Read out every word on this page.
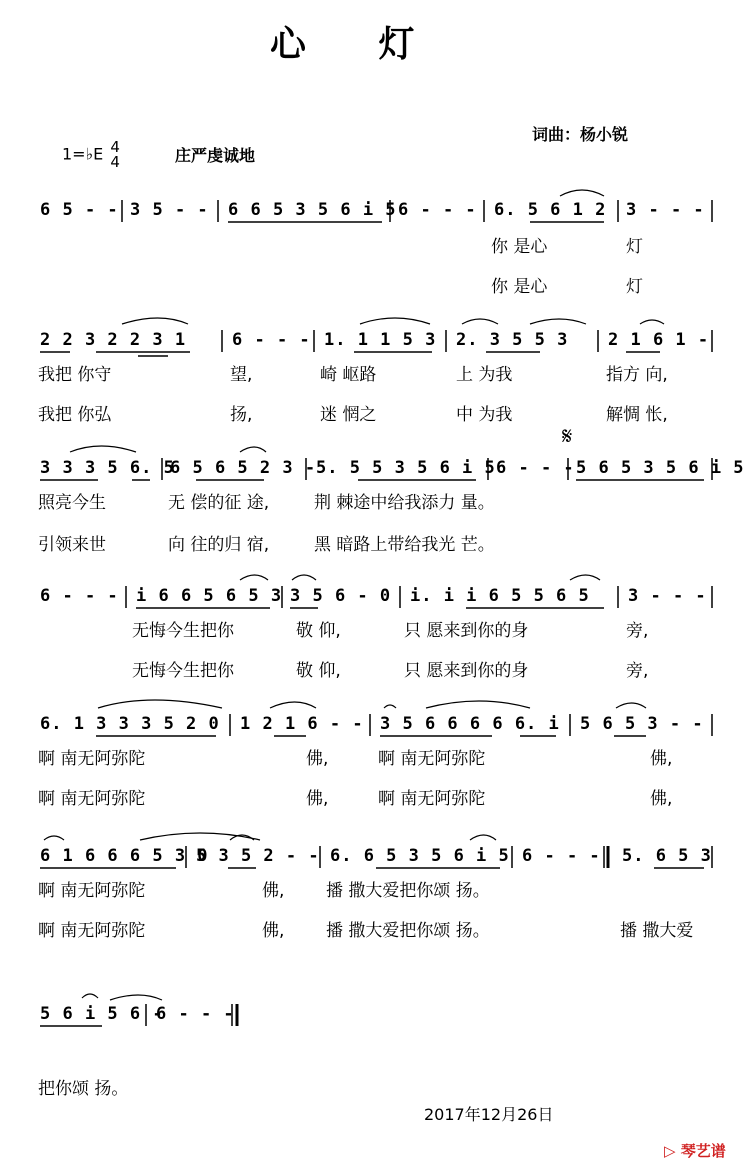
心 灯
词曲：杨小锐
1=♭E 4
4	庄严虔诚地
𝄋
6 5 - - 3 5 - - 6 6 5 3 5 6 i 5 6 - - - 6. 5 6 1 2 3 - - -
你 是心	灯
你 是心	灯
2 2 3 2 2 3 1	6 - - - 1. 1 1 5 3 2. 3 5 5 3 2 1 6 1 -
我把 你守	望,	崎 岖路	上 为我	指方 向,
我把 你弘	扬,	迷 惘之	中 为我	解惆 怅,
3 3 3 5 6. 5
6 5 6 5 2 3 - 5. 5 5 3 5 6 i 5 6 - - - 5 6 5 3 5 6 i 5
照亮今生	无 偿的征 途,	荆 棘途中给我添力 量。
引领来世	向 往的归 宿,	黑 暗路上带给我光 芒。
6 - - - i 6 6 5 6 5 3 3 5 6 - 0 i. i i 6 5 5 6 5 3 - - -
无悔今生把你	敬 仰,	只 愿来到你的身	旁,
无悔今生把你	敬 仰,	只 愿来到你的身	旁,
6. 1 3 3 3 5 2 0 1 2 1 6 - - 3 5 6 6 6 6 6. i 5 6 5 3 - -
啊 南无阿弥陀	佛,	啊 南无阿弥陀	佛,
啊 南无阿弥陀	佛,	啊 南无阿弥陀	佛,
6 1 6 6 6 5 3 0
5 3 5 2 - - 6. 6 5 3 5 6 i 5 6 - - - 5. 6 5 3
啊 南无阿弥陀	佛, 播 撒大爱把你颂 扬。
啊 南无阿弥陀	佛, 播 撒大爱把你颂 扬。	播 撒大爱
5 6 i 5 6 -
6 - - -
把你颂 扬。
2017年12月26日
▷ 琴艺谱
